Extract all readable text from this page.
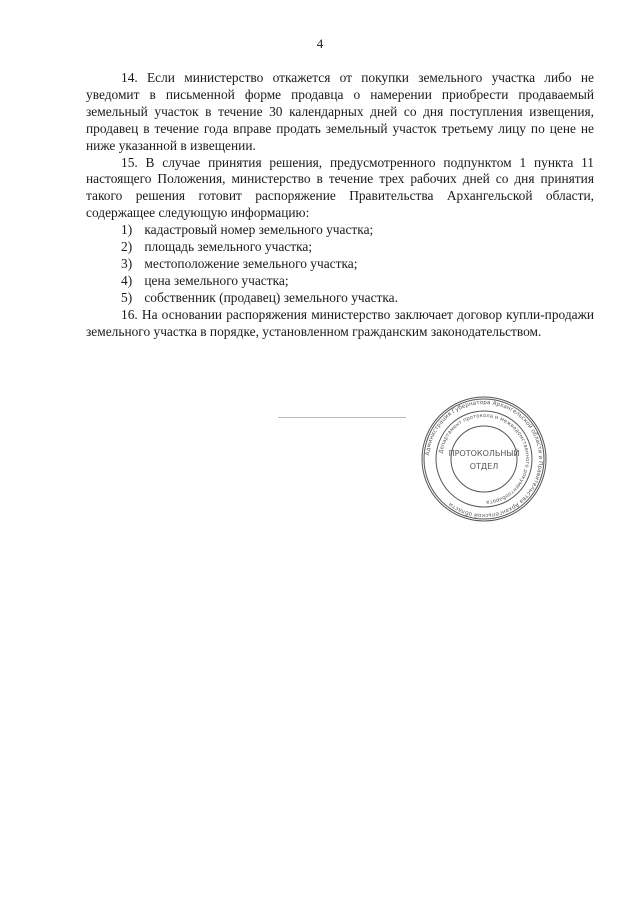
4

14. Если министерство откажется от покупки земельного участка либо не уведомит в письменной форме продавца о намерении приобрести продаваемый земельный участок в течение 30 календарных дней со дня поступления извещения, продавец в течение года вправе продать земельный участок третьему лицу по цене не ниже указанной в извещении.

15. В случае принятия решения, предусмотренного подпунктом 1 пункта 11 настоящего Положения, министерство в течение трех рабочих дней со дня принятия такого решения готовит распоряжение Правительства Архангельской области, содержащее следующую информацию:

1) кадастровый номер земельного участка;
2) площадь земельного участка;
3) местоположение земельного участка;
4) цена земельного участка;
5) собственник (продавец) земельного участка.

16. На основании распоряжения министерство заключает договор купли-продажи земельного участка в порядке, установленном гражданским законодательством.

Администрация Губернатора Архангельской области и Правительства Архангельской области
Департамент протокола и межведомственного документооборота
ПРОТОКОЛЬНЫЙ
ОТДЕЛ
